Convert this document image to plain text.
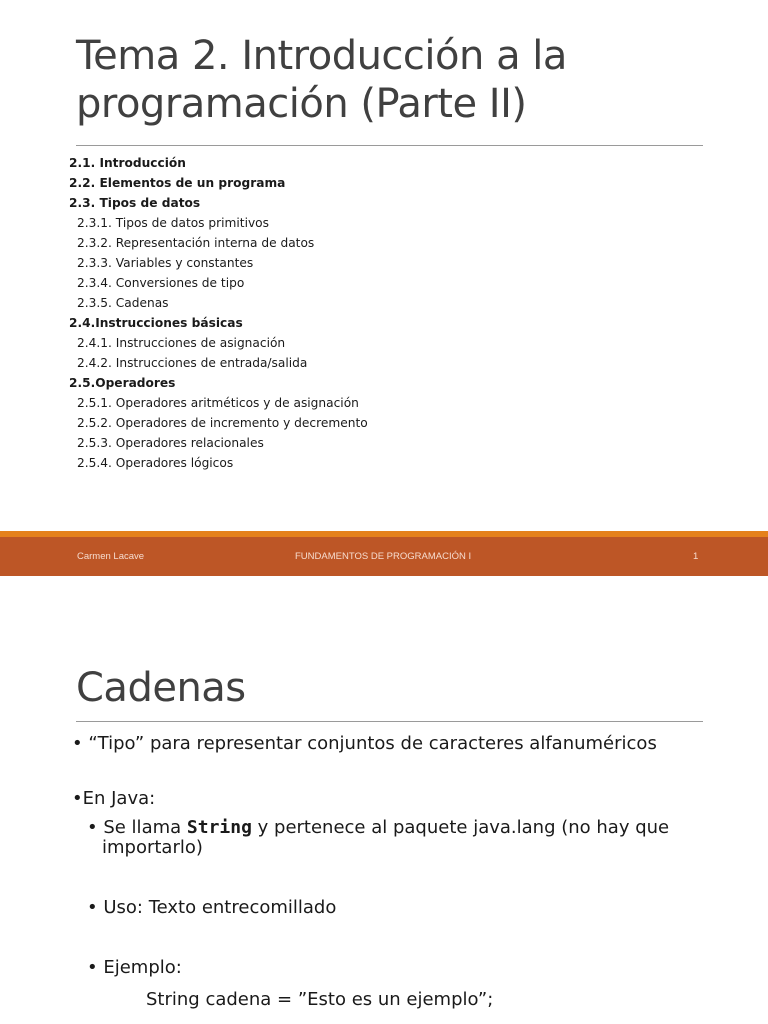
Tema 2. Introducción a la programación (Parte II)
2.1. Introducción
2.2. Elementos de un programa
2.3. Tipos de datos
2.3.1. Tipos de datos primitivos
2.3.2. Representación interna de datos
2.3.3. Variables y constantes
2.3.4. Conversiones de tipo
2.3.5. Cadenas
2.4.Instrucciones básicas
2.4.1. Instrucciones de asignación
2.4.2. Instrucciones de entrada/salida
2.5.Operadores
2.5.1. Operadores aritméticos y de asignación
2.5.2. Operadores de incremento y decremento
2.5.3. Operadores relacionales
2.5.4. Operadores lógicos
Carmen Lacave	FUNDAMENTOS DE PROGRAMACIÓN I	1
Cadenas
• “Tipo” para representar conjuntos de caracteres alfanuméricos
•En Java:
• Se llama String y pertenece al paquete java.lang (no hay que
importarlo)
• Uso: Texto entrecomillado
• Ejemplo:
String cadena = ”Esto es un ejemplo”;
